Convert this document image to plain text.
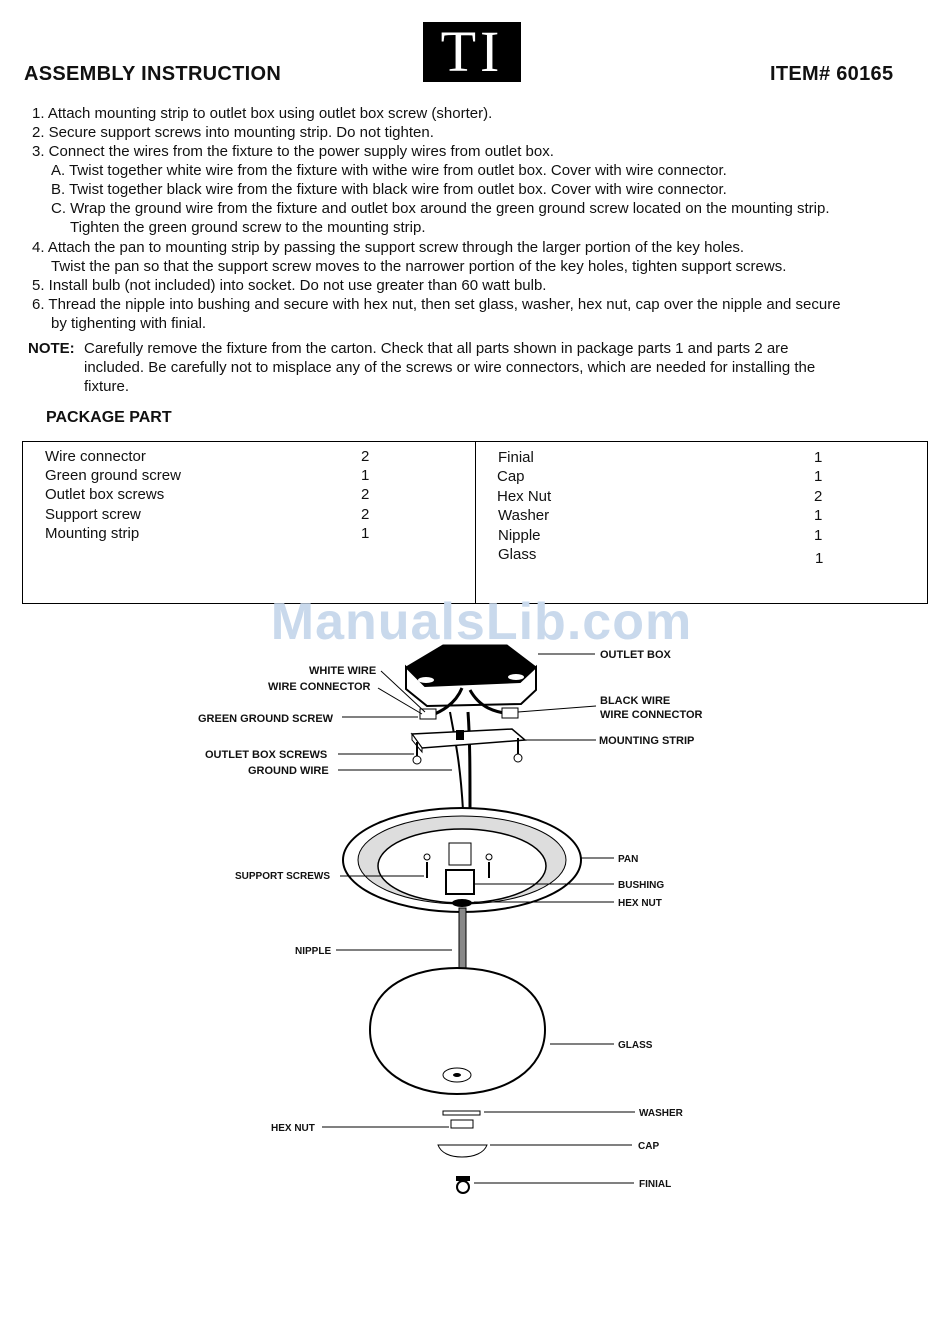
ASSEMBLY INSTRUCTION	TI	ITEM# 60165
1. Attach mounting strip to outlet box using outlet box screw (shorter).
2. Secure support screws into mounting strip. Do not tighten.
3. Connect the wires from the fixture to the power supply wires from outlet box.
A. Twist together white wire from the fixture with withe wire from outlet box. Cover with wire connector.
B. Twist together black wire from the fixture with black wire from outlet box. Cover with wire connector.
C. Wrap the ground wire from the fixture and outlet box around the green ground screw located on the mounting strip.
Tighten the green ground screw to the mounting strip.
4. Attach the pan to mounting strip by passing the support screw through the larger portion of the key holes.
Twist the pan so that the support screw moves to the narrower portion of the key holes, tighten support screws.
5. Install bulb (not included) into socket. Do not use greater than 60 watt bulb.
6. Thread the nipple into bushing and secure with hex nut, then set glass, washer, hex nut, cap over the nipple and secure
by tighenting with finial.
NOTE: Carefully remove the fixture from the carton. Check that all parts shown in package parts 1 and parts 2 are
included. Be carefully not to misplace any of the screws or wire connectors, which are needed for installing the
fixture.
PACKAGE PART
Wire connector	2
Green ground screw	1
Outlet box screws	2
Support screw	2
Mounting strip	1
Finial	1
Cap	1
Hex Nut	2
Washer	1
Nipple	1
Glass	1
OUTLET BOX
WHITE WIRE
WIRE CONNECTOR
BLACK WIRE
WIRE CONNECTOR
GREEN GROUND SCREW
MOUNTING STRIP
OUTLET BOX SCREWS
GROUND WIRE
PAN
SUPPORT SCREWS
BUSHING
HEX NUT
NIPPLE
GLASS
WASHER
HEX NUT
CAP
FINIAL
ManualsLib.com
